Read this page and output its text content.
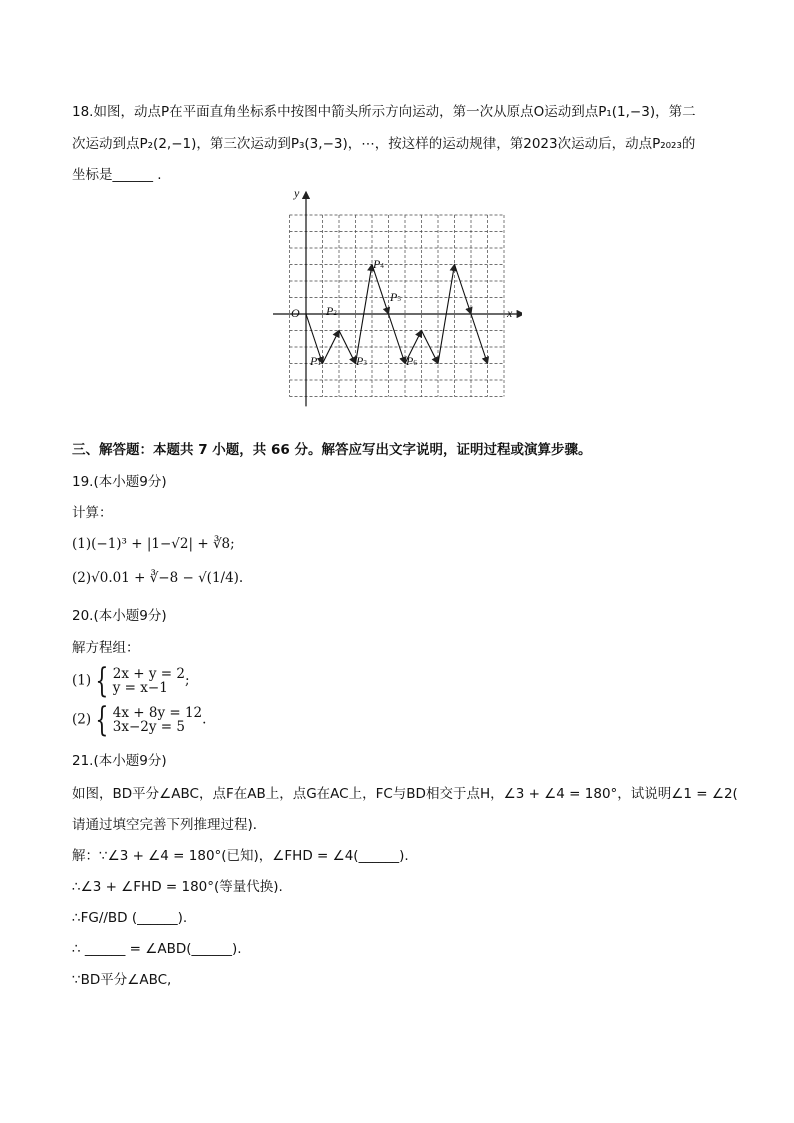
18.如图，动点P在平面直角坐标系中按图中箭头所示方向运动，第一次从原点O运动到点P₁(1,−3)，第二
次运动到点P₂(2,−1)，第三次运动到P₃(3,−3)，⋯，按这样的运动规律，第2023次运动后，动点P₂₀₂₃的
坐标是______ .
y
x
O
P1
P2
P3
P4
P5
P6
三、解答题：本题共 7 小题，共 66 分。解答应写出文字说明，证明过程或演算步骤。
19.(本小题9分)
计算：
(1)(−1)³ + |1−√2| + ∛8;
(2)√0.01 + ∛−8 − √(1/4).
20.(本小题9分)
解方程组：
(1) { 2x + y = 2
y = x−1 ;
(2) { 4x + 8y = 12
3x−2y = 5 .
21.(本小题9分)
如图，BD平分∠ABC，点F在AB上，点G在AC上，FC与BD相交于点H，∠3 + ∠4 = 180°，试说明∠1 = ∠2(
请通过填空完善下列推理过程)．
解：∵∠3 + ∠4 = 180°(已知)，∠FHD = ∠4(______).
∴∠3 + ∠FHD = 180°(等量代换).
∴FG//BD (______).
∴ ______ = ∠ABD(______).
∵BD平分∠ABC,
